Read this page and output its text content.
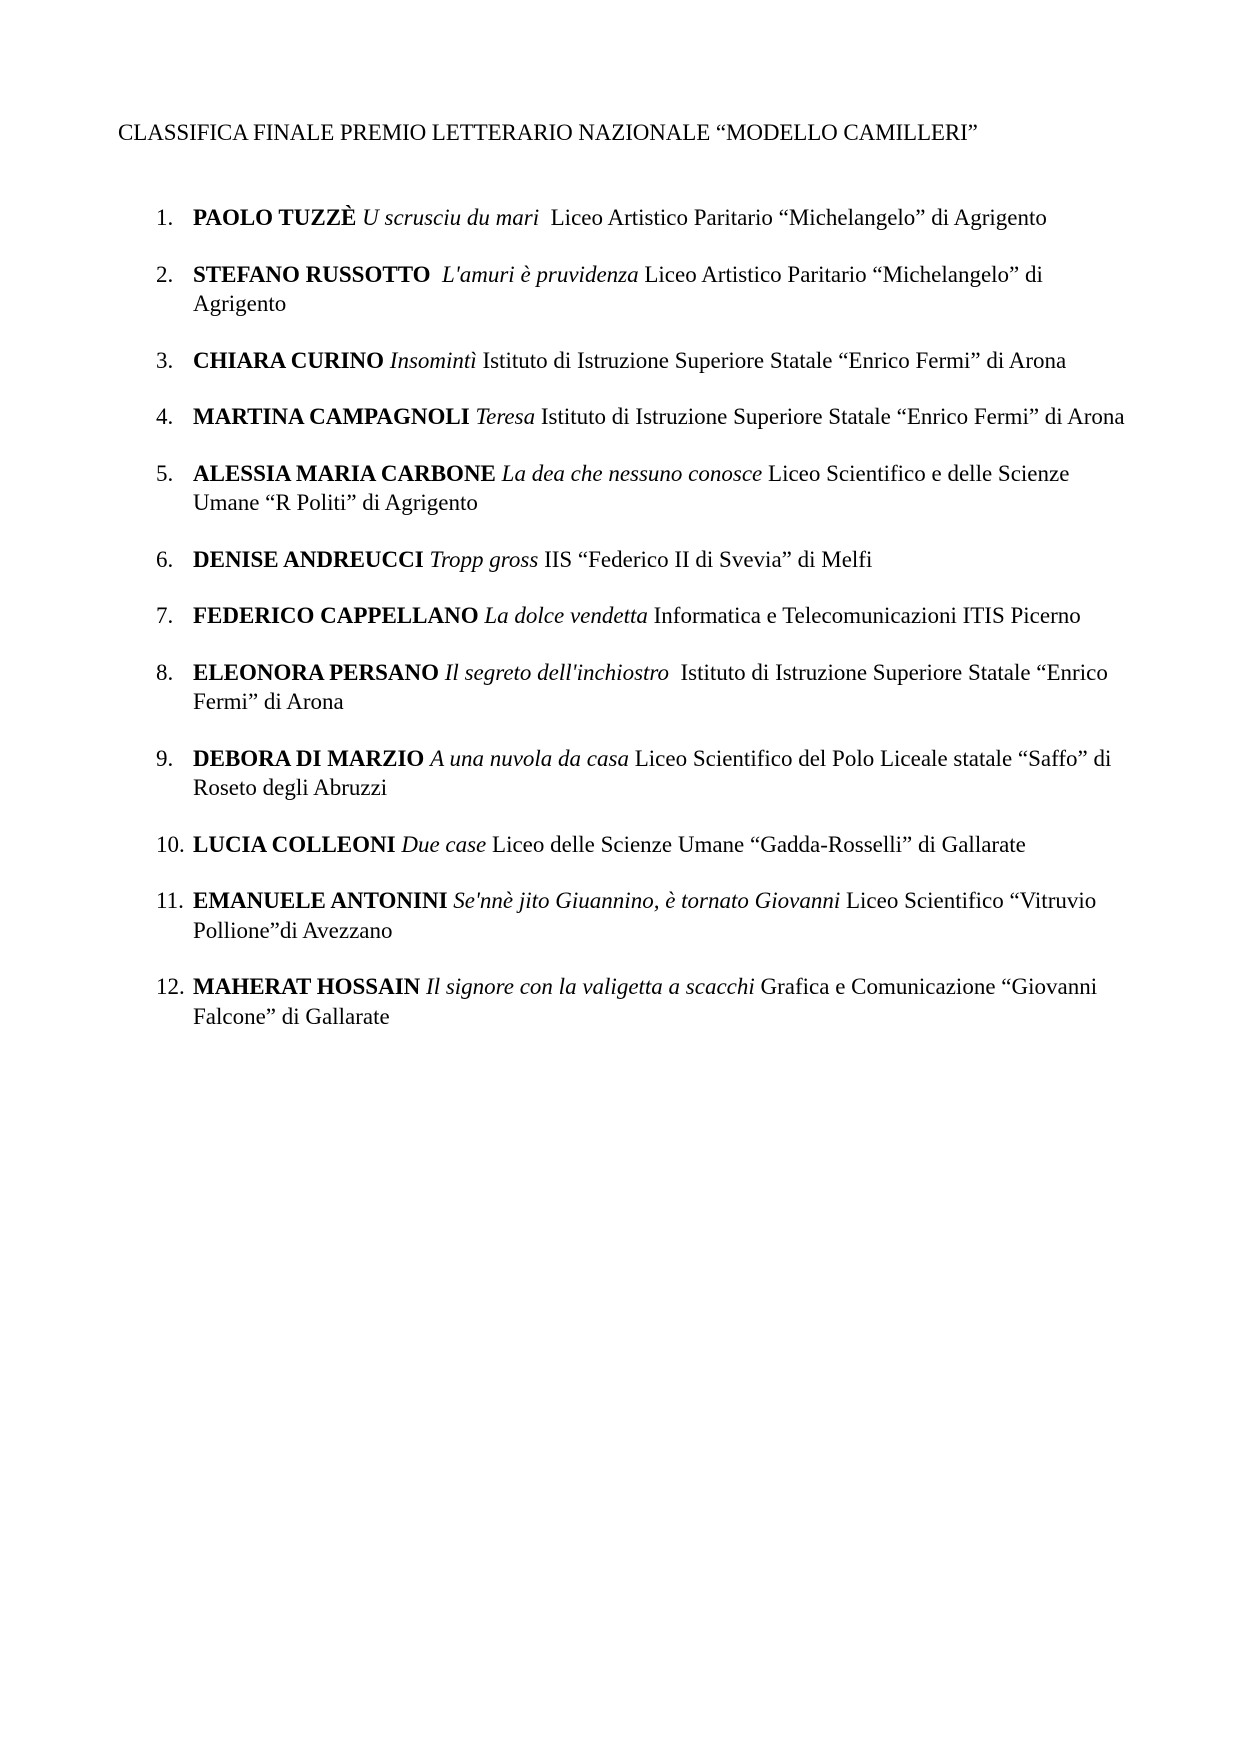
CLASSIFICA FINALE PREMIO LETTERARIO NAZIONALE “MODELLO CAMILLERI”
1. PAOLO TUZZÈ U scrusciu du mari Liceo Artistico Paritario “Michelangelo” di Agrigento
2. STEFANO RUSSOTTO L'amuri è pruvidenza Liceo Artistico Paritario “Michelangelo” di Agrigento
3. CHIARA CURINO Insomintì Istituto di Istruzione Superiore Statale “Enrico Fermi” di Arona
4. MARTINA CAMPAGNOLI Teresa Istituto di Istruzione Superiore Statale “Enrico Fermi” di Arona
5. ALESSIA MARIA CARBONE La dea che nessuno conosce Liceo Scientifico e delle Scienze Umane “R Politi” di Agrigento
6. DENISE ANDREUCCI Tropp gross IIS “Federico II di Svevia” di Melfi
7. FEDERICO CAPPELLANO La dolce vendetta Informatica e Telecomunicazioni ITIS Picerno
8. ELEONORA PERSANO Il segreto dell'inchiostro Istituto di Istruzione Superiore Statale “Enrico Fermi” di Arona
9. DEBORA DI MARZIO A una nuvola da casa Liceo Scientifico del Polo Liceale statale “Saffo” di Roseto degli Abruzzi
10. LUCIA COLLEONI Due case Liceo delle Scienze Umane “Gadda-Rosselli” di Gallarate
11. EMANUELE ANTONINI Se'nnè jito Giuannino, è tornato Giovanni Liceo Scientifico “Vitruvio Pollione”di Avezzano
12. MAHERAT HOSSAIN Il signore con la valigetta a scacchi Grafica e Comunicazione “Giovanni Falcone” di Gallarate
